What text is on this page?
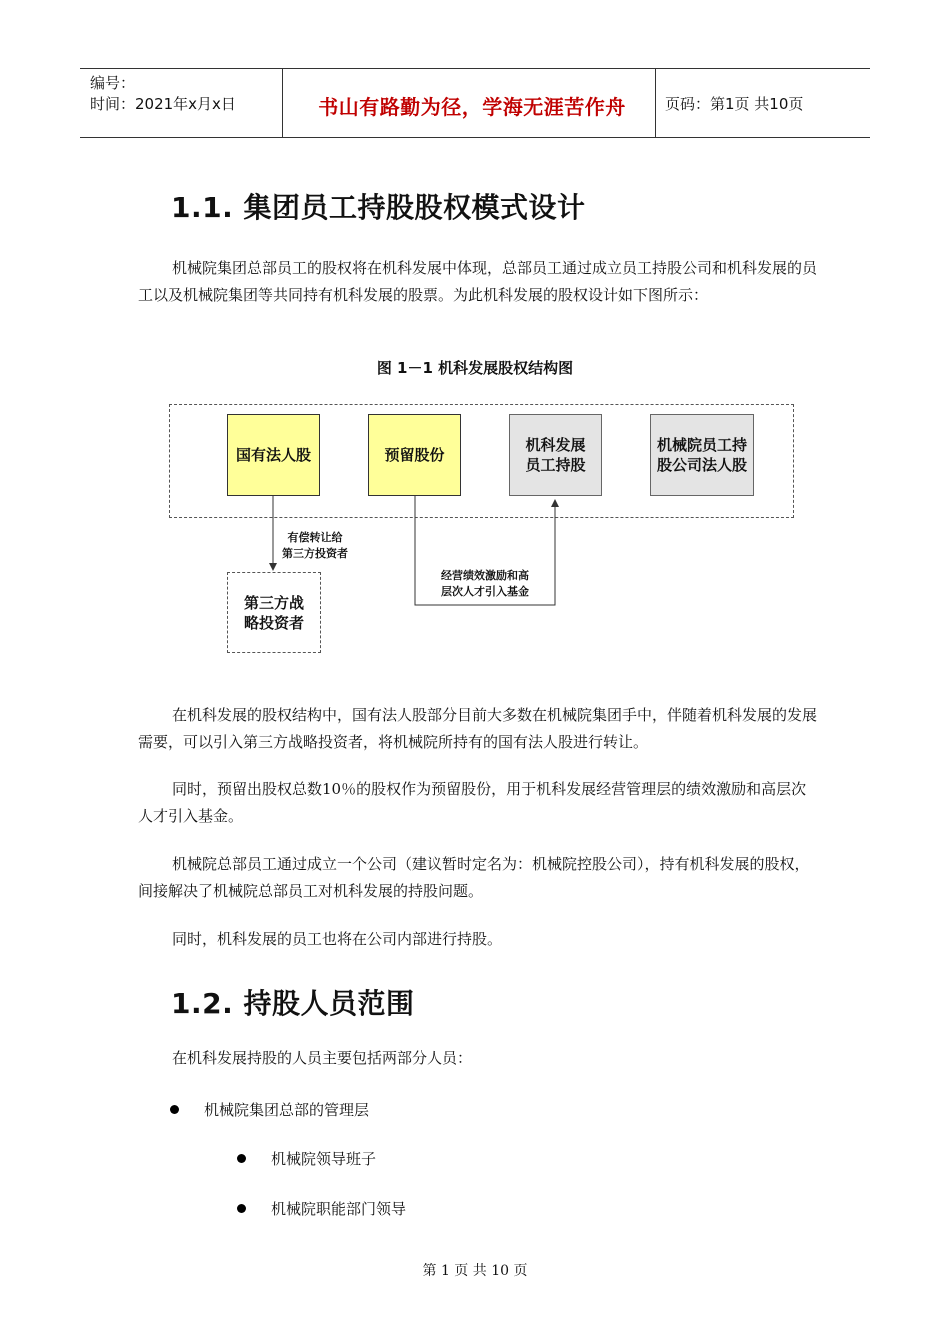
编号：
时间：2021年x月x日	书山有路勤为径，学海无涯苦作舟	页码：第1页 共10页
1.1. 集团员工持股股权模式设计

机械院集团总部员工的股权将在机科发展中体现，总部员工通过成立员工持股公司和机科发展的员工以及机械院集团等共同持有机科发展的股票。为此机科发展的股权设计如下图所示：

图 1－1 机科发展股权结构图
国有法人股	预留股份
机科发展
员工持股
机械院员工持
股公司法人股
第三方战
略投资者
有偿转让给
第三方投资者
经营绩效激励和高
层次人才引入基金

在机科发展的股权结构中，国有法人股部分目前大多数在机械院集团手中，伴随着机科发展的发展需要，可以引入第三方战略投资者，将机械院所持有的国有法人股进行转让。

同时，预留出股权总数10％的股权作为预留股份，用于机科发展经营管理层的绩效激励和高层次人才引入基金。

机械院总部员工通过成立一个公司（建议暂时定名为：机械院控股公司），持有机科发展的股权，间接解决了机械院总部员工对机科发展的持股问题。

同时，机科发展的员工也将在公司内部进行持股。

1.2. 持股人员范围

在机科发展持股的人员主要包括两部分人员：

机械院集团总部的管理层
机械院领导班子
机械院职能部门领导
第 1 页 共 10 页
